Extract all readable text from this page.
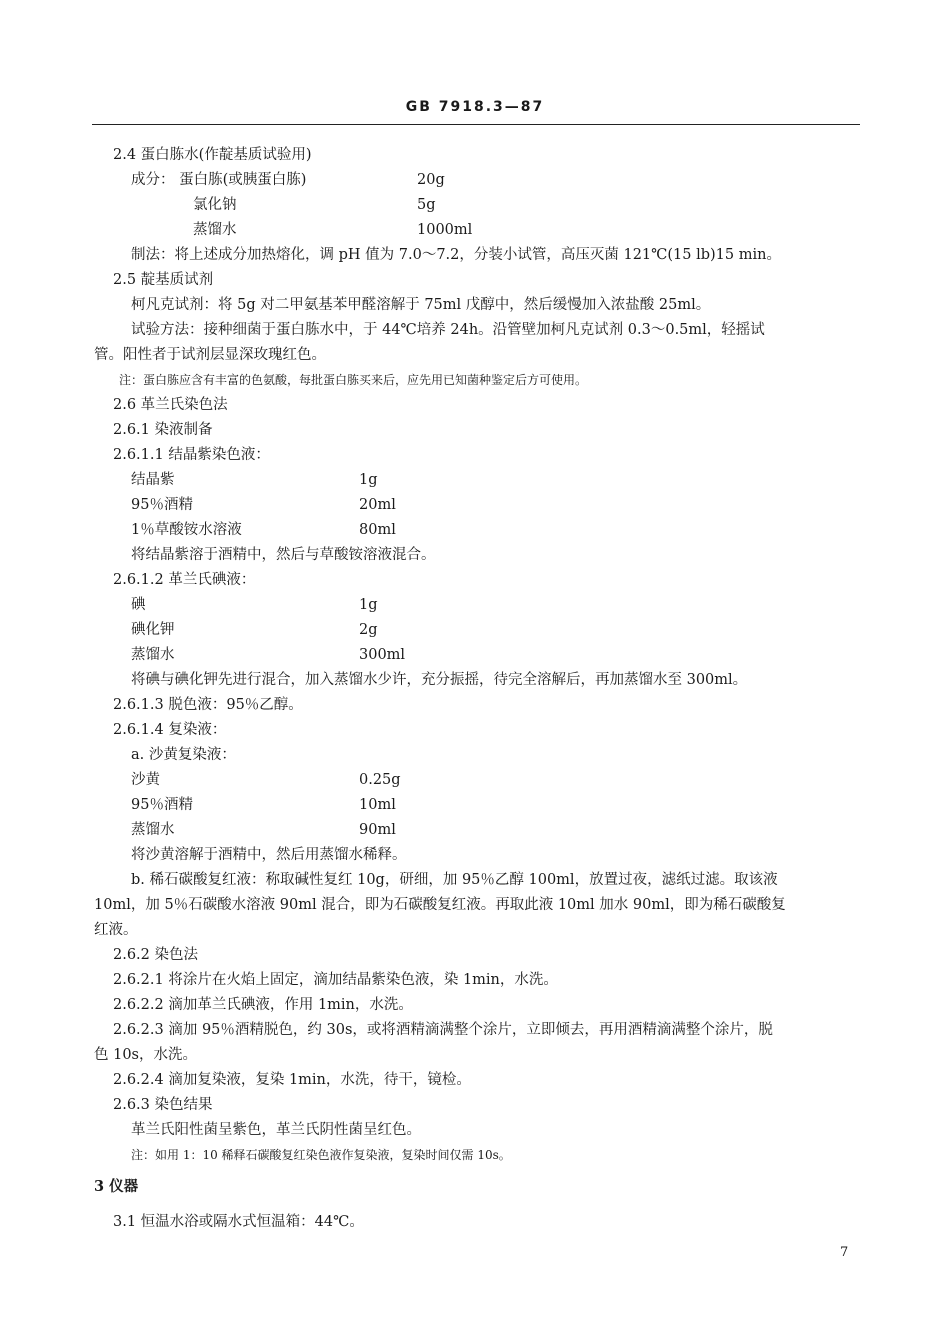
GB 7918.3—87
2.4 蛋白胨水(作靛基质试验用)
成分： 蛋白胨(或胰蛋白胨)	20g
氯化钠	5g
蒸馏水	1000ml
制法：将上述成分加热熔化，调 pH 值为 7.0～7.2，分装小试管，高压灭菌 121℃(15 lb)15 min。
2.5 靛基质试剂
柯凡克试剂：将 5g 对二甲氨基苯甲醛溶解于 75ml 戊醇中，然后缓慢加入浓盐酸 25ml。
试验方法：接种细菌于蛋白胨水中，于 44℃培养 24h。沿管壁加柯凡克试剂 0.3～0.5ml，轻摇试
管。阳性者于试剂层显深玫瑰红色。
注：蛋白胨应含有丰富的色氨酸，每批蛋白胨买来后，应先用已知菌种鉴定后方可使用。
2.6 革兰氏染色法
2.6.1 染液制备
2.6.1.1 结晶紫染色液：
结晶紫	1g
95％酒精	20ml
1％草酸铵水溶液	80ml
将结晶紫溶于酒精中，然后与草酸铵溶液混合。
2.6.1.2 革兰氏碘液：
碘	1g
碘化钾	2g
蒸馏水	300ml
将碘与碘化钾先进行混合，加入蒸馏水少许，充分振摇，待完全溶解后，再加蒸馏水至 300ml。
2.6.1.3 脱色液：95％乙醇。
2.6.1.4 复染液：
a. 沙黄复染液：
沙黄	0.25g
95％酒精	10ml
蒸馏水	90ml
将沙黄溶解于酒精中，然后用蒸馏水稀释。
b. 稀石碳酸复红液：称取碱性复红 10g，研细，加 95％乙醇 100ml，放置过夜，滤纸过滤。取该液
10ml，加 5％石碳酸水溶液 90ml 混合，即为石碳酸复红液。再取此液 10ml 加水 90ml，即为稀石碳酸复
红液。
2.6.2 染色法
2.6.2.1 将涂片在火焰上固定，滴加结晶紫染色液，染 1min，水洗。
2.6.2.2 滴加革兰氏碘液，作用 1min，水洗。
2.6.2.3 滴加 95％酒精脱色，约 30s，或将酒精滴满整个涂片，立即倾去，再用酒精滴满整个涂片，脱
色 10s，水洗。
2.6.2.4 滴加复染液，复染 1min，水洗，待干，镜检。
2.6.3 染色结果
革兰氏阳性菌呈紫色，革兰氏阴性菌呈红色。
注：如用 1：10 稀释石碳酸复红染色液作复染液，复染时间仅需 10s。
3 仪器
3.1 恒温水浴或隔水式恒温箱：44℃。
7
